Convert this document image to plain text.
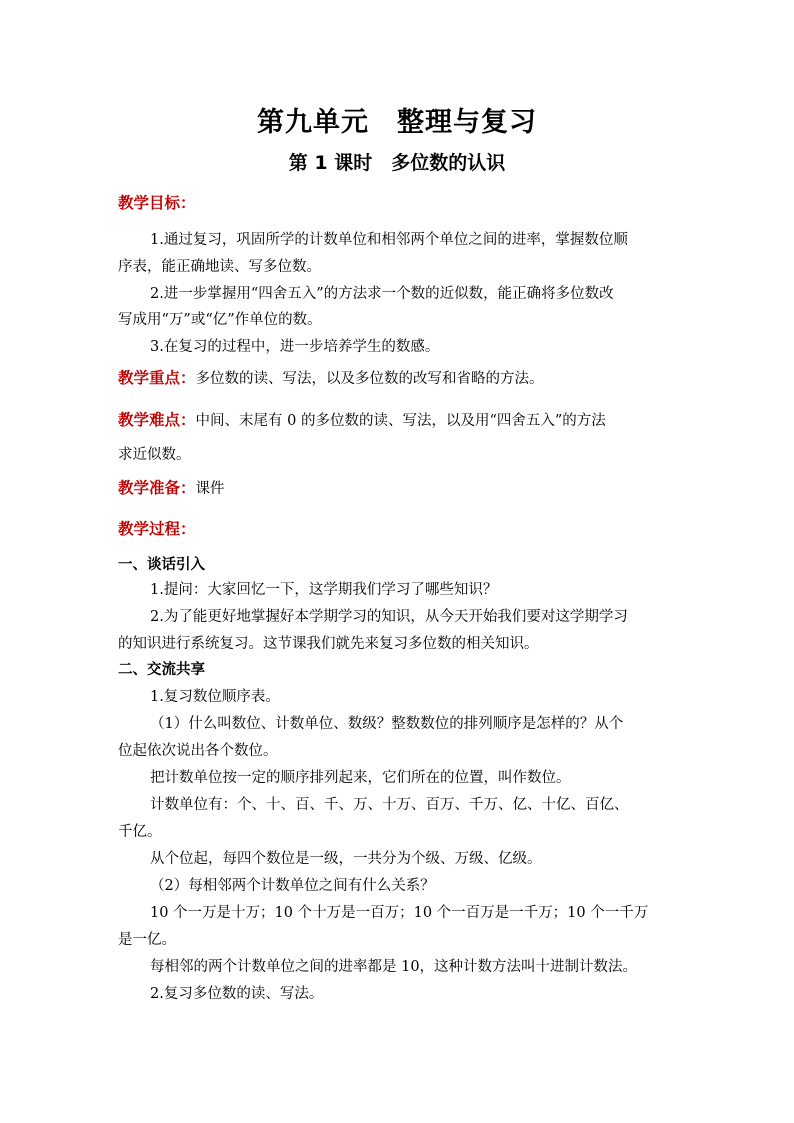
第九单元　整理与复习
第 1 课时　多位数的认识
教学目标：
1.通过复习，巩固所学的计数单位和相邻两个单位之间的进率，掌握数位顺
序表，能正确地读、写多位数。
2.进一步掌握用“四舍五入”的方法求一个数的近似数，能正确将多位数改
写成用“万”或“亿”作单位的数。
3.在复习的过程中，进一步培养学生的数感。
教学重点：多位数的读、写法，以及多位数的改写和省略的方法。
教学难点：中间、末尾有 0 的多位数的读、写法，以及用“四舍五入”的方法
求近似数。
教学准备：课件
教学过程：
一、谈话引入
1.提问：大家回忆一下，这学期我们学习了哪些知识？
2.为了能更好地掌握好本学期学习的知识，从今天开始我们要对这学期学习
的知识进行系统复习。这节课我们就先来复习多位数的相关知识。
二、交流共享
1.复习数位顺序表。
（1）什么叫数位、计数单位、数级？整数数位的排列顺序是怎样的？从个
位起依次说出各个数位。
把计数单位按一定的顺序排列起来，它们所在的位置，叫作数位。
计数单位有：个、十、百、千、万、十万、百万、千万、亿、十亿、百亿、
千亿。
从个位起，每四个数位是一级，一共分为个级、万级、亿级。
（2）每相邻两个计数单位之间有什么关系？
10 个一万是十万；10 个十万是一百万；10 个一百万是一千万；10 个一千万
是一亿。
每相邻的两个计数单位之间的进率都是 10，这种计数方法叫十进制计数法。
2.复习多位数的读、写法。
